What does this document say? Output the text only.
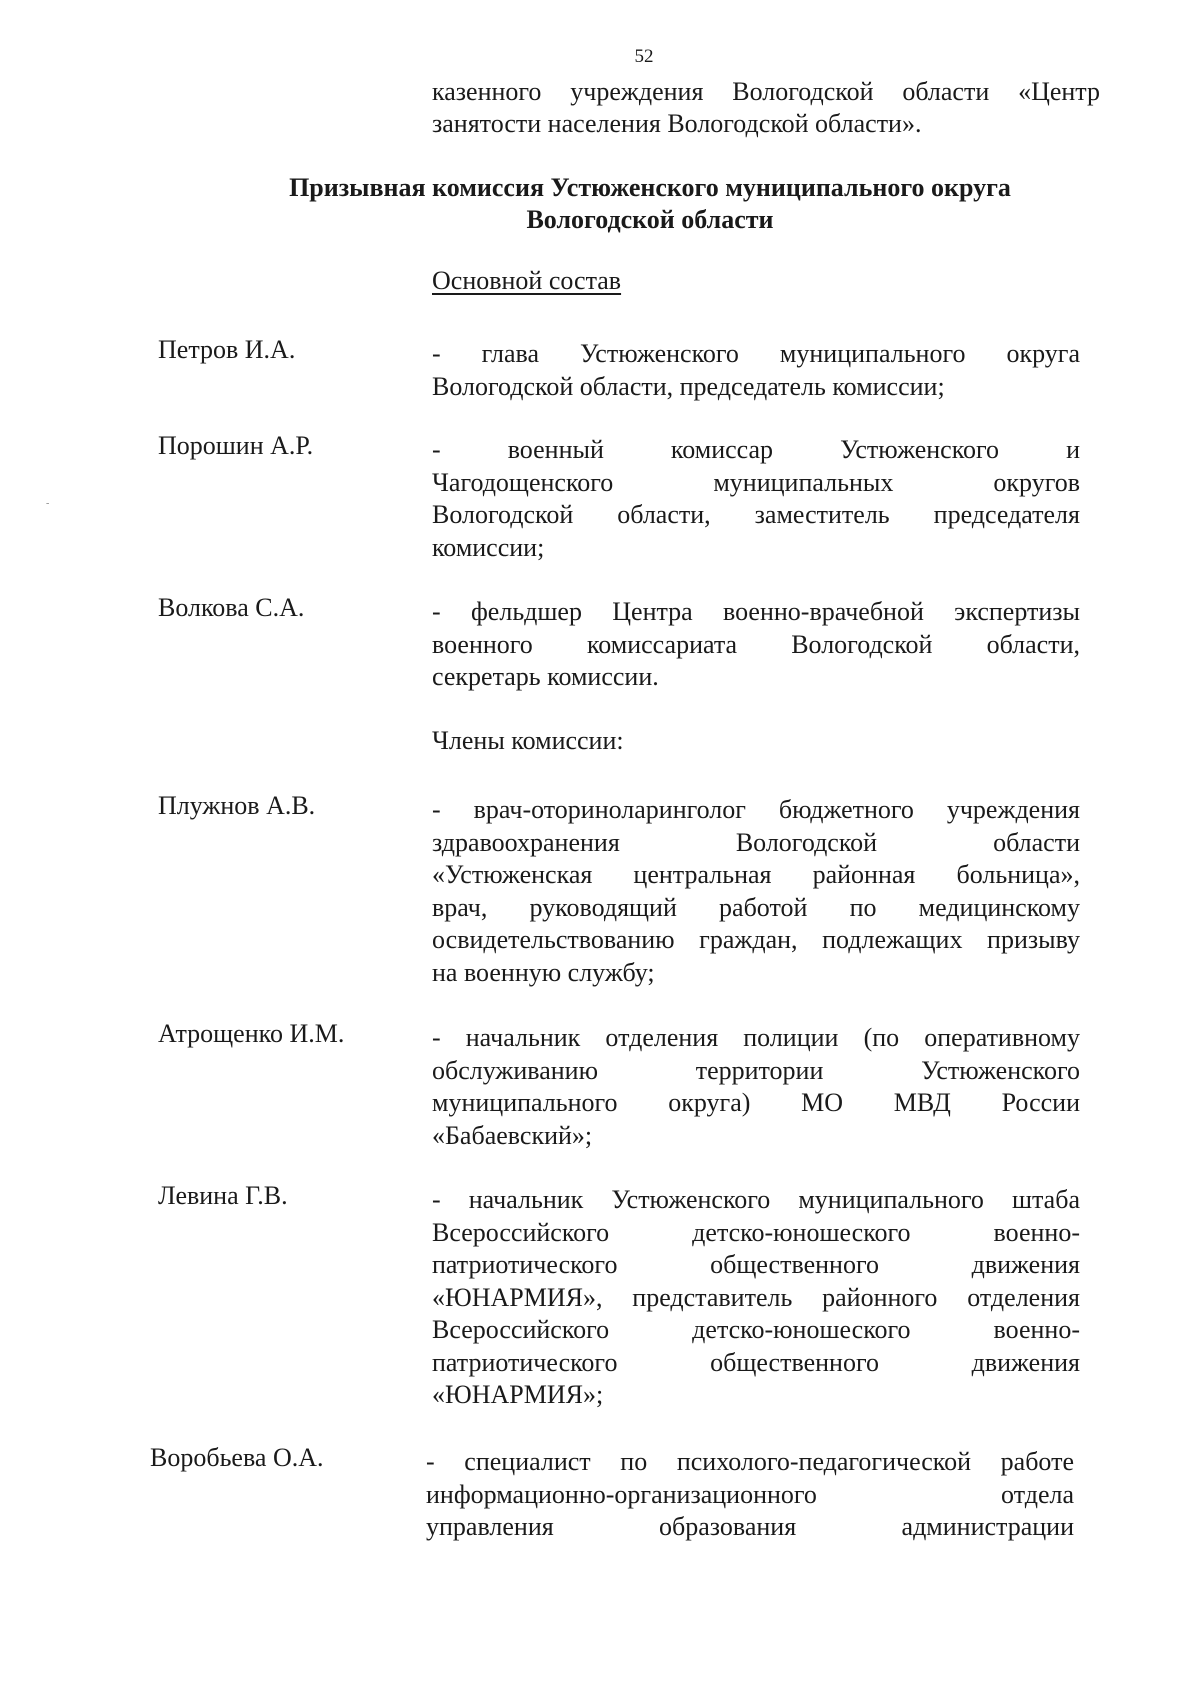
52
казенного учреждения Вологодской области «Центр
занятости населения Вологодской области».
Призывная комиссия Устюженского муниципального округа
Вологодской области
Основной состав
Петров И.А.	- глава Устюженского муниципального округа
Вологодской области, председатель комиссии;
Порошин А.Р.	- военный комиссар Устюженского и
Чагодощенского муниципальных округов
Вологодской области, заместитель председателя
комиссии;
Волкова С.А.	- фельдшер Центра военно-врачебной экспертизы
военного комиссариата Вологодской области,
секретарь комиссии.
Члены комиссии:
Плужнов А.В.	- врач-оториноларинголог бюджетного учреждения
здравоохранения Вологодской области
«Устюженская центральная районная больница»,
врач, руководящий работой по медицинскому
освидетельствованию граждан, подлежащих призыву
на военную службу;
Атрощенко И.М.	- начальник отделения полиции (по оперативному
обслуживанию территории Устюженского
муниципального округа) МО МВД России
«Бабаевский»;
Левина Г.В.	- начальник Устюженского муниципального штаба
Всероссийского детско-юношеского военно-
патриотического общественного движения
«ЮНАРМИЯ», представитель районного отделения
Всероссийского детско-юношеского военно-
патриотического общественного движения
«ЮНАРМИЯ»;
Воробьева О.А.	- специалист по психолого-педагогической работе
информационно-организационного отдела
управления образования администрации
-
